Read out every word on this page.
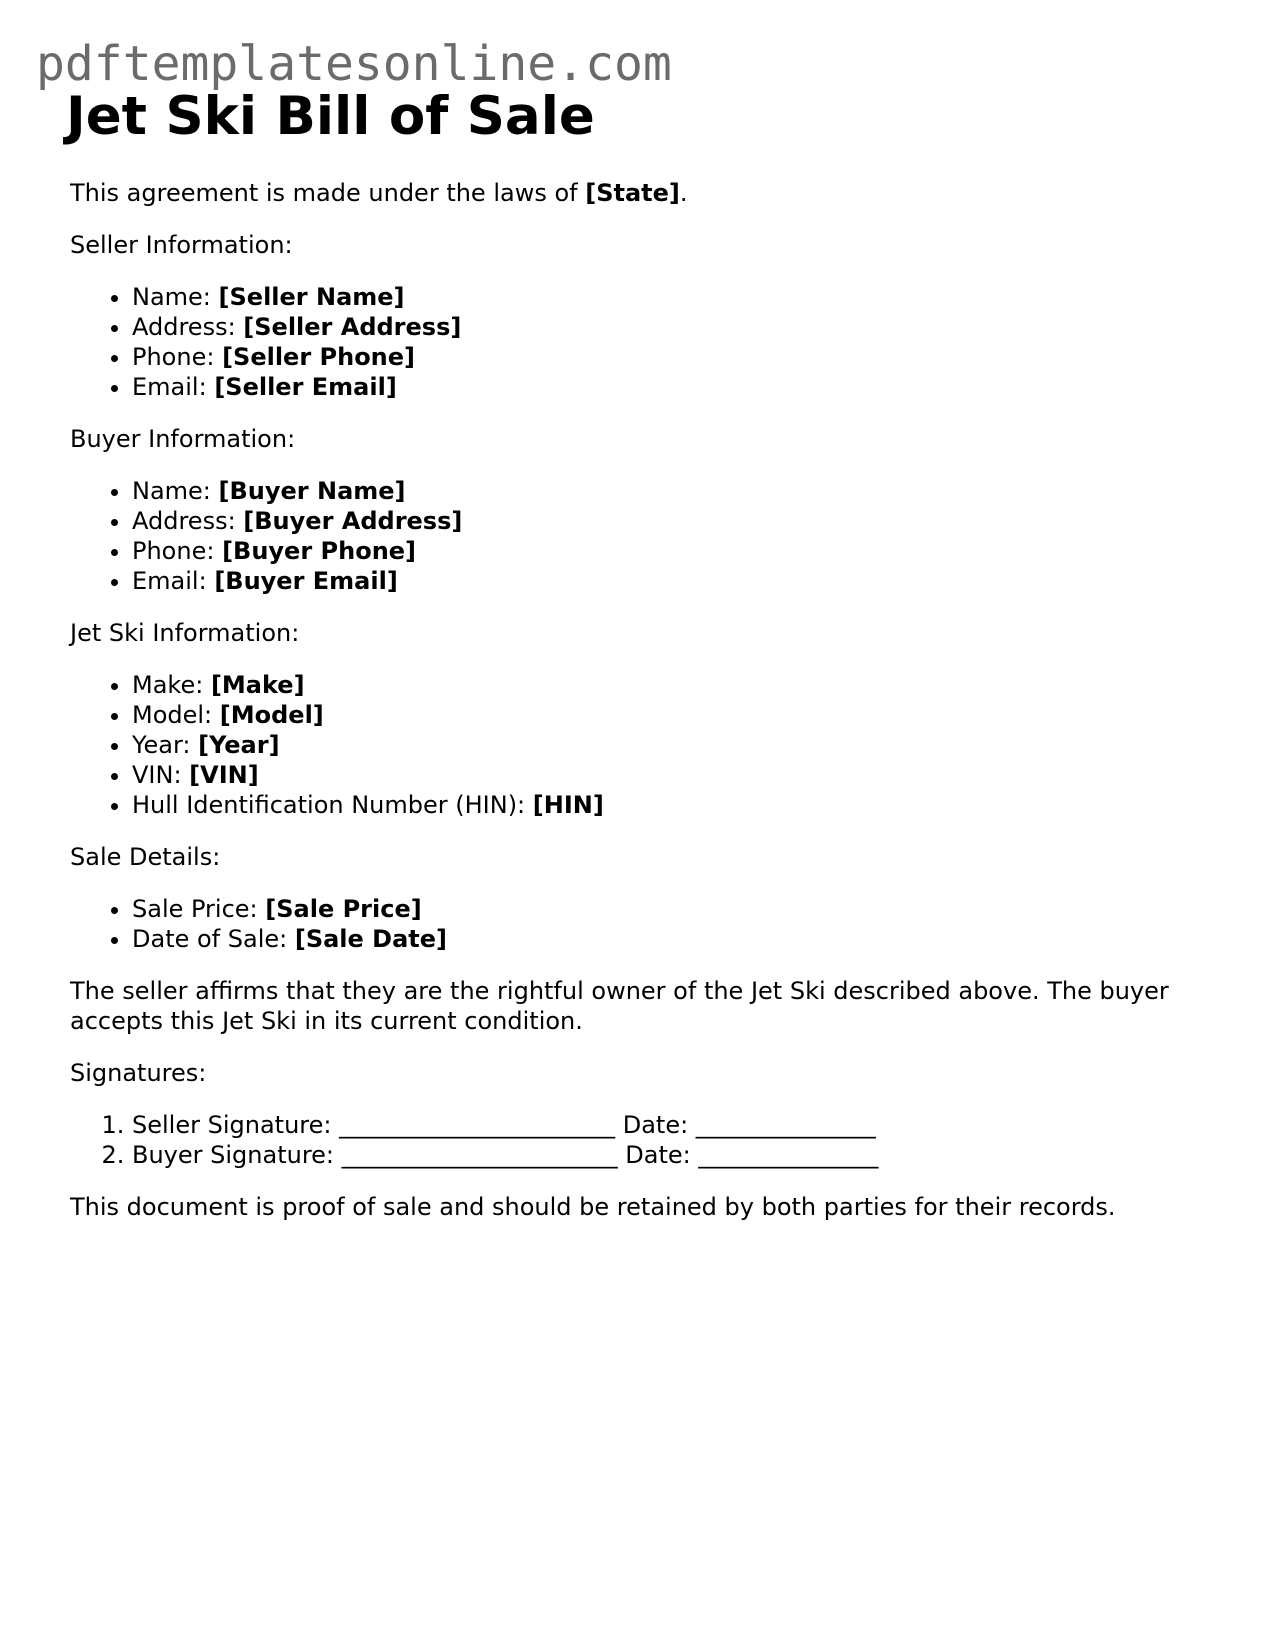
pdftemplatesonline.com
Jet Ski Bill of Sale

This agreement is made under the laws of [State].

Seller Information:

• Name: [Seller Name]
• Address: [Seller Address]
• Phone: [Seller Phone]
• Email: [Seller Email]

Buyer Information:

• Name: [Buyer Name]
• Address: [Buyer Address]
• Phone: [Buyer Phone]
• Email: [Buyer Email]

Jet Ski Information:

• Make: [Make]
• Model: [Model]
• Year: [Year]
• VIN: [VIN]
• Hull Identification Number (HIN): [HIN]

Sale Details:

• Sale Price: [Sale Price]
• Date of Sale: [Sale Date]

The seller affirms that they are the rightful owner of the Jet Ski described above. The buyer accepts this Jet Ski in its current condition.

Signatures:

1. Seller Signature: _______________________ Date: _______________
2. Buyer Signature: _______________________ Date: _______________

This document is proof of sale and should be retained by both parties for their records.
